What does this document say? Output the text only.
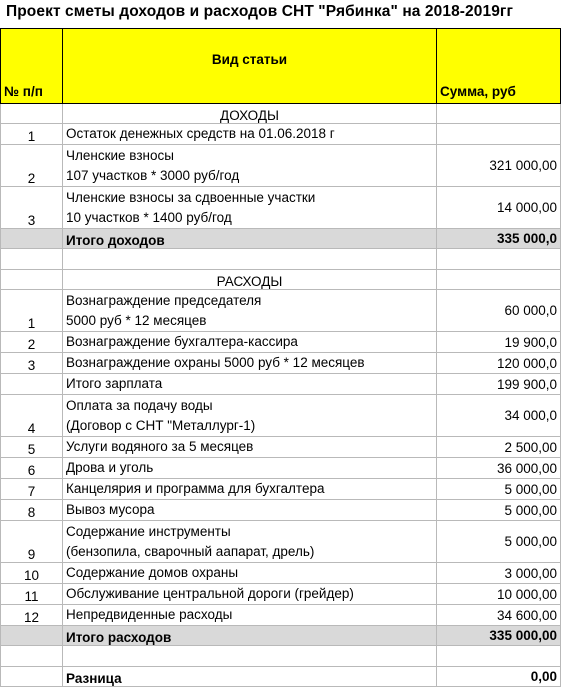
Проект сметы доходов и расходов СНТ "Рябинка" на 2018-2019гг
№ п/п	Вид статьи	Сумма, руб
	ДОХОДЫ	
1	Остаток денежных средств на 01.06.2018 г	

2	Членские взносы
107 участков * 3000 руб/год	321 000,00
3	Членские взносы за сдвоенные участки
10 участков * 1400 руб/год	14 000,00
	Итого доходов	335 000,0

	РАСХОДЫ	
1	Вознаграждение председателя
5000 руб * 12 месяцев	60 000,0
2	Вознаграждение бухгалтера-кассира	19 900,0
3	Вознаграждение охраны 5000 руб * 12 месяцев	120 000,0

	Итого зарплата	199 900,0
4	Оплата за подачу воды
(Договор с СНТ "Металлург-1)	34 000,0
5	Услуги водяного за 5 месяцев	2 500,00
6	Дрова и уголь	36 000,00
7	Канцелярия и программа для бухгалтера	5 000,00
8	Вывоз мусора	5 000,00
9	Содержание инструменты
(бензопила, сварочный аапарат, дрель)	5 000,00
10	Содержание домов охраны	3 000,00
11	Обслуживание центральной дороги (грейдер)	10 000,00
12	Непредвиденные расходы	34 600,00
	Итого расходов	335 000,00

	Разница	0,00
